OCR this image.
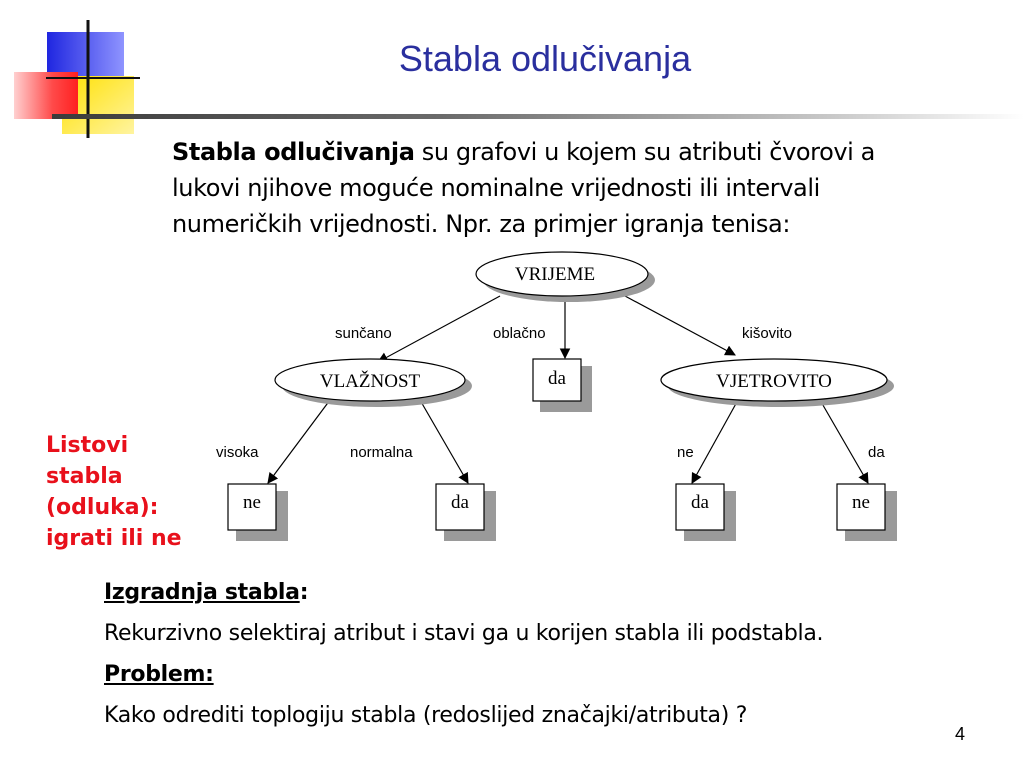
Stabla odlučivanja
Stabla odlučivanja su grafovi u kojem su atributi čvorovi a
lukovi njihove moguće nominalne vrijednosti ili intervali
numeričkih vrijednosti. Npr. za primjer igranja tenisa:
Listovi
stabla
(odluka):
igrati ili ne
sunčano	oblačno	kišovito
visoka	normalna	ne	da
VRIJEME
VLAŽNOST	VJETROVITO
da
ne	da	da	ne
Izgradnja stabla:
Rekurzivno selektiraj atribut i stavi ga u korijen stabla ili podstabla.
Problem:
Kako odrediti toplogiju stabla (redoslijed značajki/atributa) ?
4
